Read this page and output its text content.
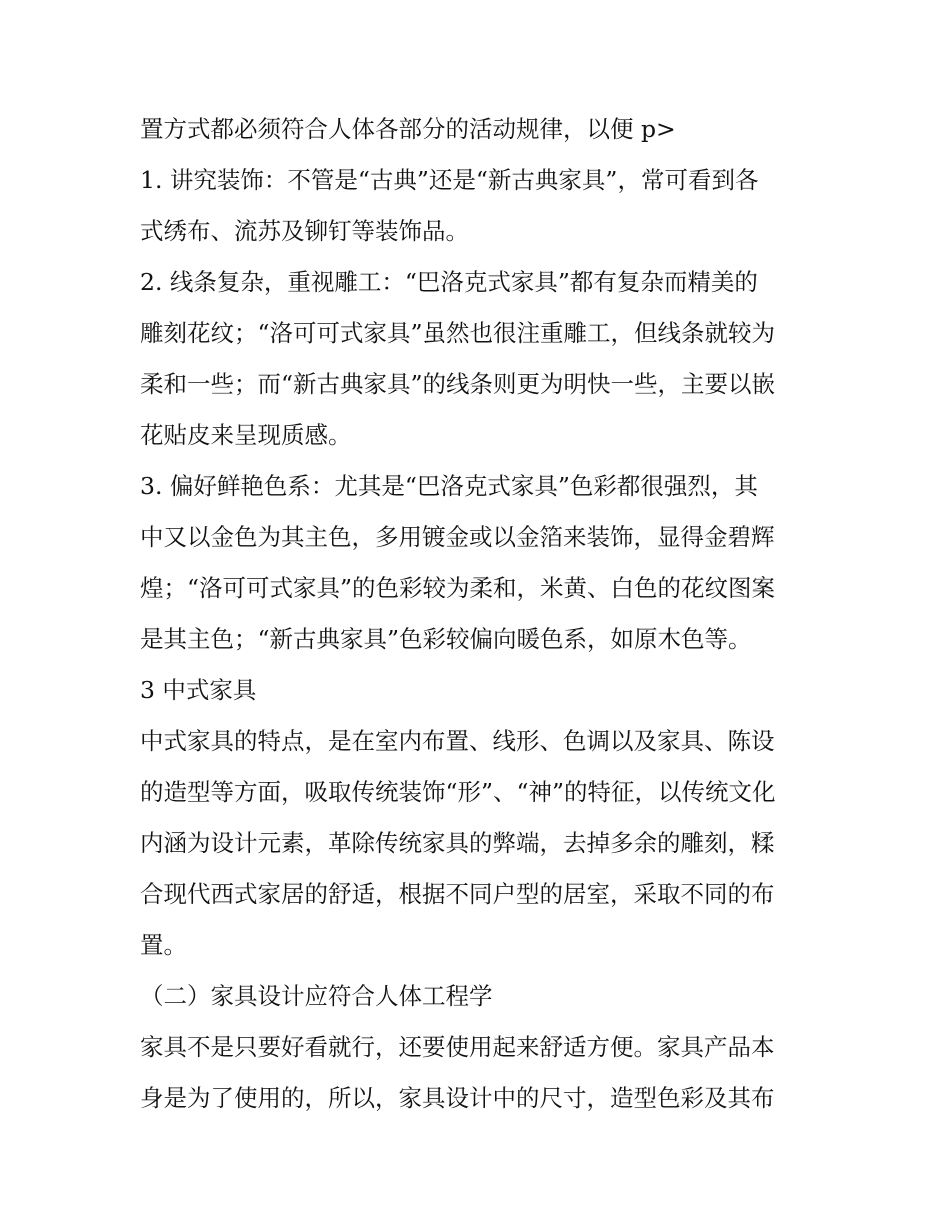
置方式都必须符合人体各部分的活动规律，以便 p>
1. 讲究装饰：不管是“古典”还是“新古典家具”，常可看到各
式绣布、流苏及铆钉等装饰品。
2. 线条复杂，重视雕工：“巴洛克式家具”都有复杂而精美的
雕刻花纹；“洛可可式家具”虽然也很注重雕工，但线条就较为
柔和一些；而“新古典家具”的线条则更为明快一些，主要以嵌
花贴皮来呈现质感。
3. 偏好鲜艳色系：尤其是“巴洛克式家具”色彩都很强烈，其
中又以金色为其主色，多用镀金或以金箔来装饰，显得金碧辉
煌；“洛可可式家具”的色彩较为柔和，米黄、白色的花纹图案
是其主色；“新古典家具”色彩较偏向暖色系，如原木色等。
3 中式家具
中式家具的特点，是在室内布置、线形、色调以及家具、陈设
的造型等方面，吸取传统装饰“形”、“神”的特征，以传统文化
内涵为设计元素，革除传统家具的弊端，去掉多余的雕刻，糅
合现代西式家居的舒适，根据不同户型的居室，采取不同的布
置。
（二）家具设计应符合人体工程学
家具不是只要好看就行，还要使用起来舒适方便。家具产品本
身是为了使用的，所以，家具设计中的尺寸，造型色彩及其布
